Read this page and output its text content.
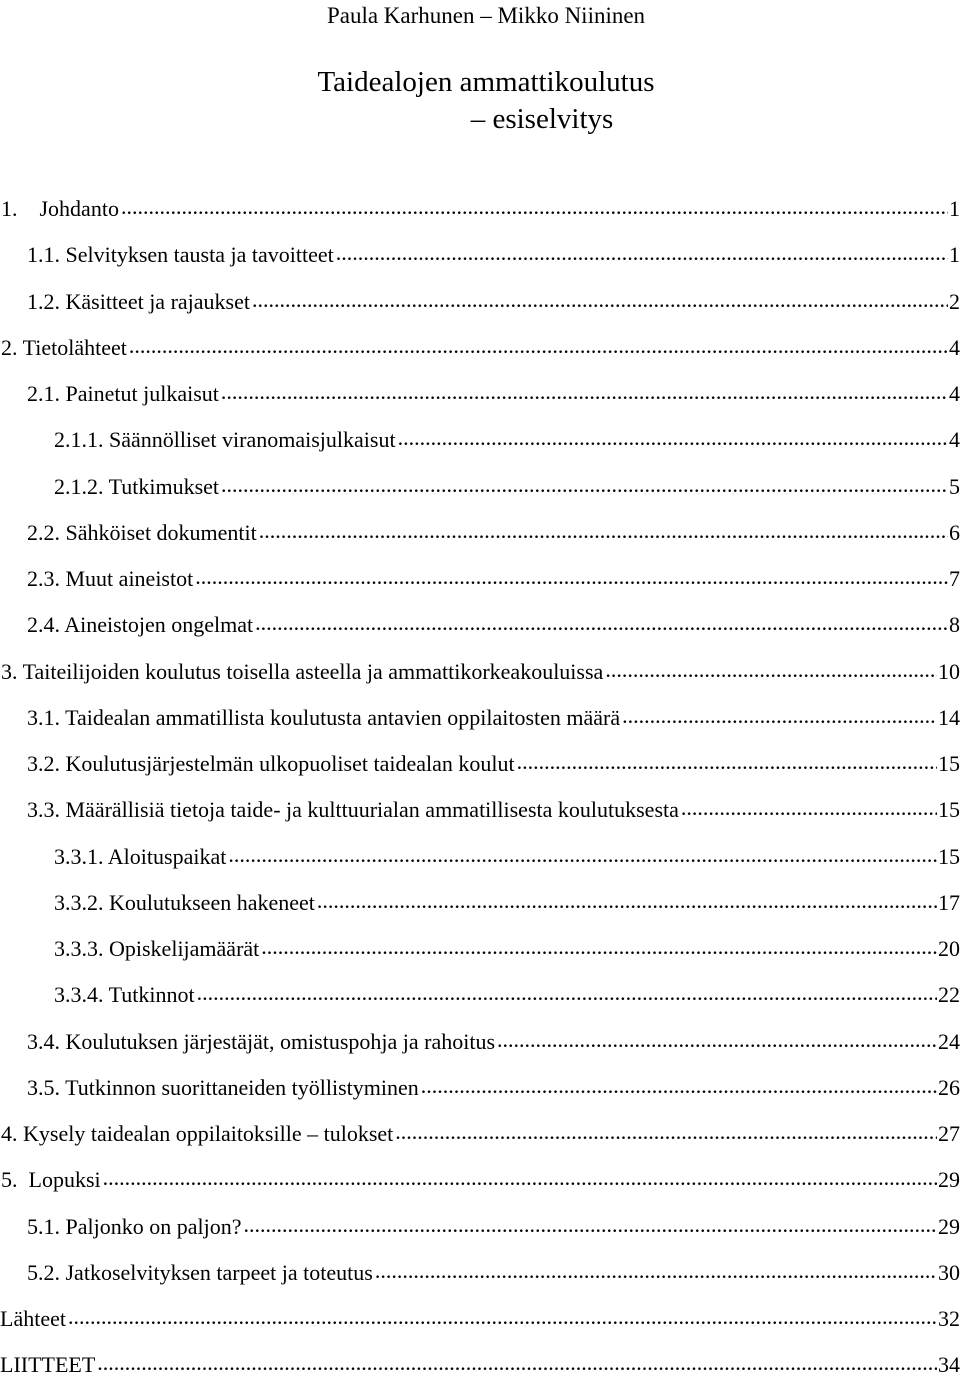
Paula Karhunen – Mikko Niininen
Taidealojen ammattikoulutus
– esiselvitys
1.    Johdanto .....	1
1.1. Selvityksen tausta ja tavoitteet .....	1
1.2. Käsitteet ja rajaukset .....	2
2. Tietolähteet .....	4
2.1. Painetut julkaisut .....	4
2.1.1. Säännölliset viranomaisjulkaisut .....	4
2.1.2. Tutkimukset .....	5
2.2. Sähköiset dokumentit .....	6
2.3. Muut aineistot .....	7
2.4. Aineistojen ongelmat .....	8
3. Taiteilijoiden koulutus toisella asteella ja ammattikorkeakouluissa .....	10
3.1. Taidealan ammatillista koulutusta antavien oppilaitosten määrä .....	14
3.2. Koulutusjärjestelmän ulkopuoliset taidealan koulut .....	15
3.3. Määrällisiä tietoja taide- ja kulttuurialan ammatillisesta koulutuksesta .....	15
3.3.1. Aloituspaikat .....	15
3.3.2. Koulutukseen hakeneet .....	17
3.3.3. Opiskelijamäärät .....	20
3.3.4. Tutkinnot .....	22
3.4. Koulutuksen järjestäjät, omistuspohja ja rahoitus .....	24
3.5. Tutkinnon suorittaneiden työllistyminen .....	26
4. Kysely taidealan oppilaitoksille – tulokset .....	27
5.  Lopuksi .....	29
5.1. Paljonko on paljon? .....	29
5.2. Jatkoselvityksen tarpeet ja toteutus .....	30
Lähteet .....	32
LIITTEET .....	34
